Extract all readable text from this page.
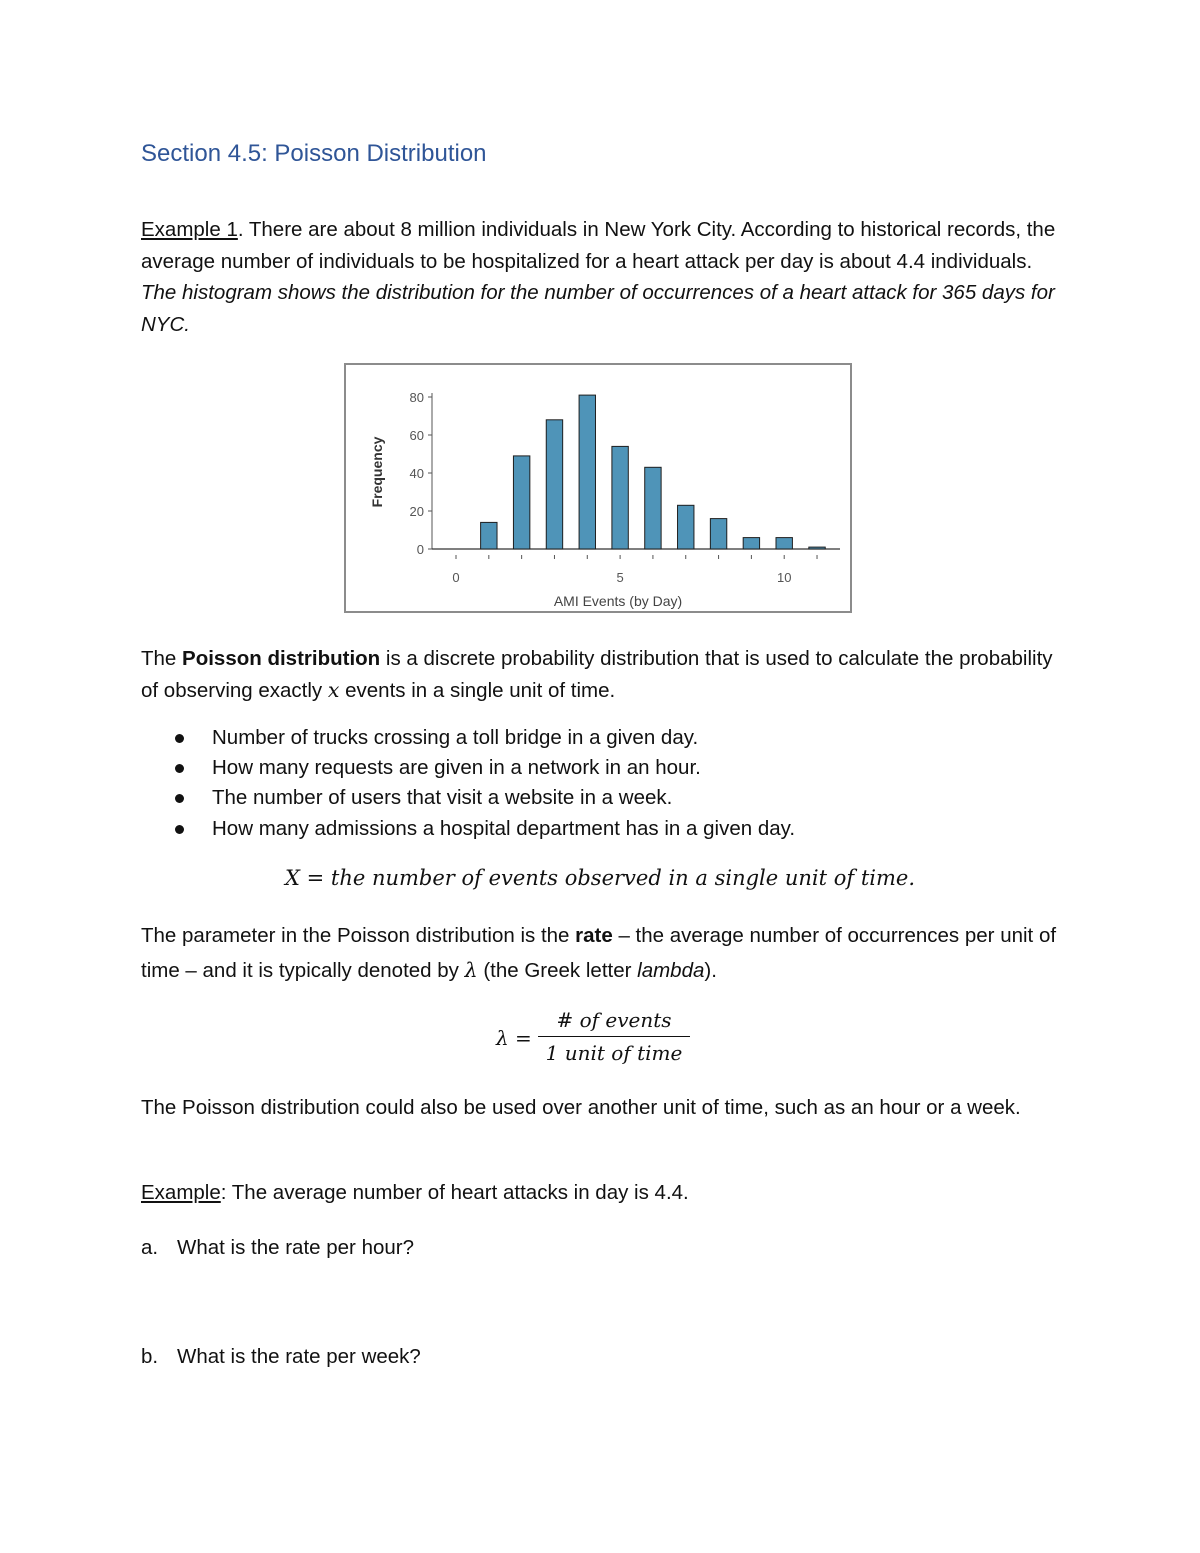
Section 4.5: Poisson Distribution

Example 1. There are about 8 million individuals in New York City. According to historical records, the average number of individuals to be hospitalized for a heart attack per day is about 4.4 individuals. The histogram shows the distribution for the number of occurrences of a heart attack for 365 days for NYC.

Frequency
AMI Events (by Day)
0
20
40
60
80
0	5	10

The Poisson distribution is a discrete probability distribution that is used to calculate the probability of observing exactly x events in a single unit of time.

Number of trucks crossing a toll bridge in a given day.
How many requests are given in a network in an hour.
The number of users that visit a website in a week.
How many admissions a hospital department has in a given day.
X = the number of events observed in a single unit of time.

The parameter in the Poisson distribution is the rate – the average number of occurrences per unit of time – and it is typically denoted by λ (the Greek letter lambda).

λ =
# of events
1 unit of time

The Poisson distribution could also be used over another unit of time, such as an hour or a week.

Example: The average number of heart attacks in day is 4.4.

a. What is the rate per hour?

b. What is the rate per week?
